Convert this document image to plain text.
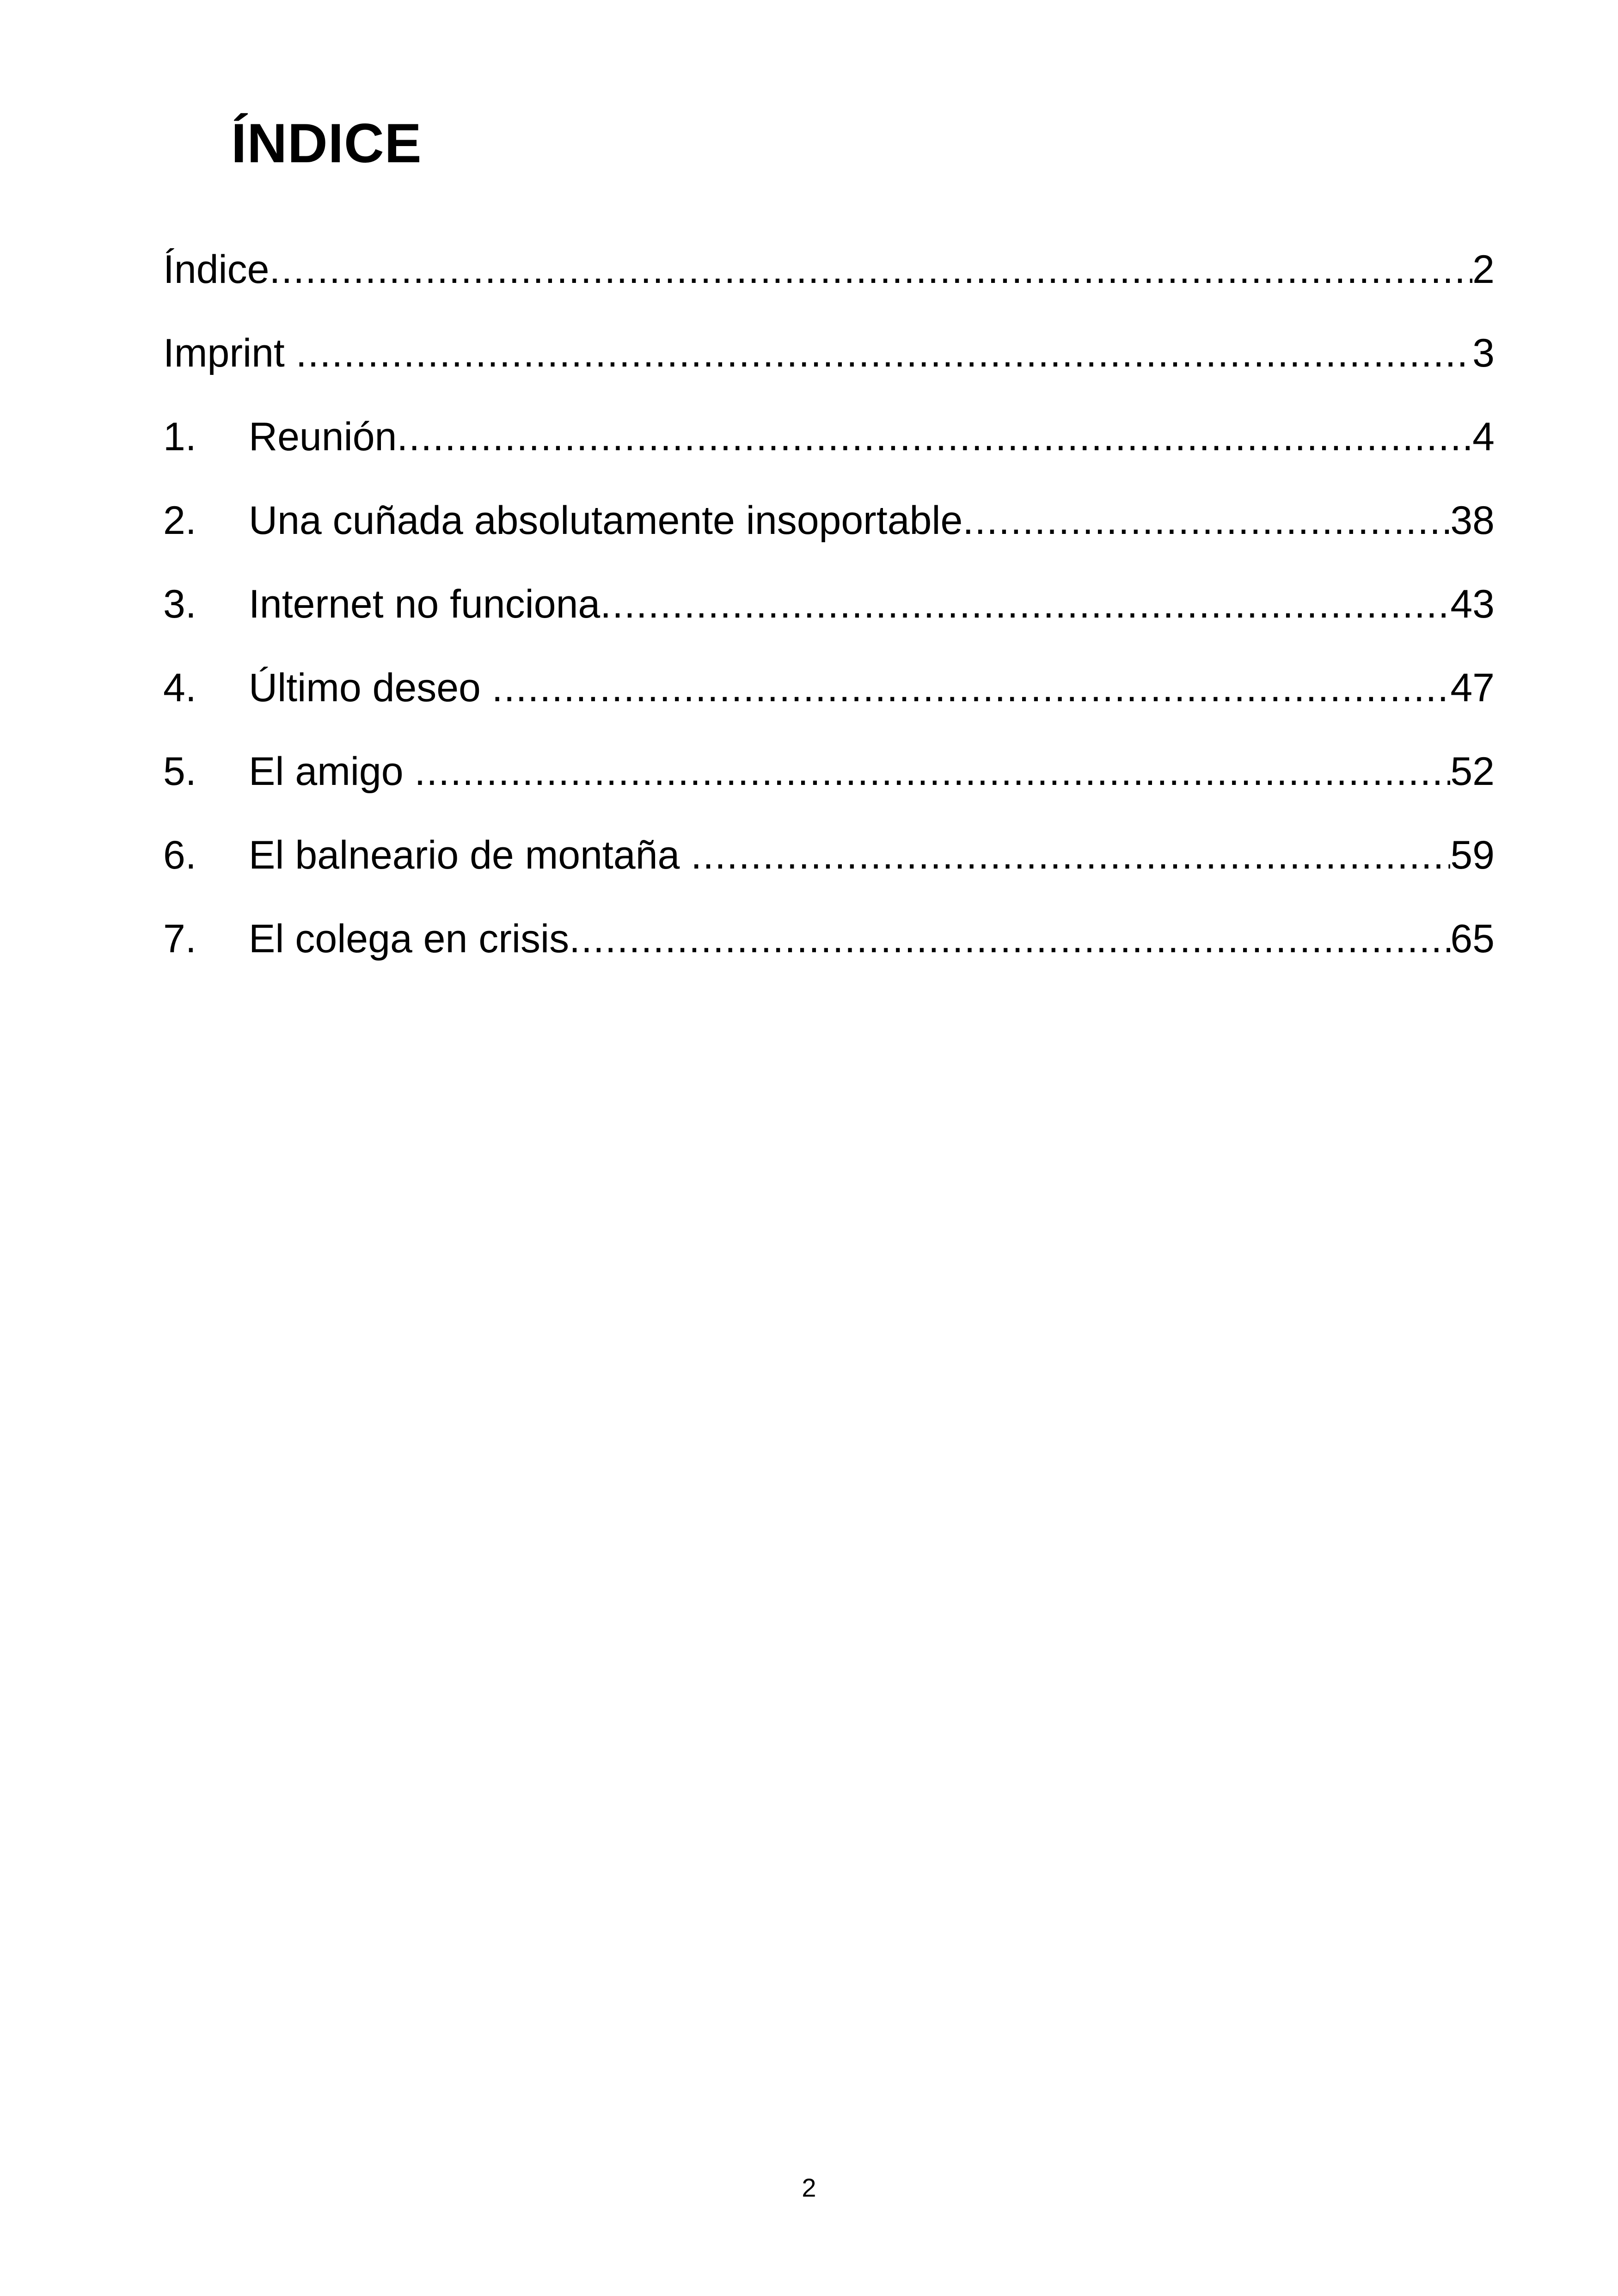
ÍNDICE
Índice .....	2
Imprint .....	3
1.	Reunión .....	4
2.	Una cuñada absolutamente insoportable .....	38
3.	Internet no funciona .....	43
4.	Último deseo .....	47
5.	El amigo .....	52
6.	El balneario de montaña .....	59
7.	El colega en crisis .....	65
2
